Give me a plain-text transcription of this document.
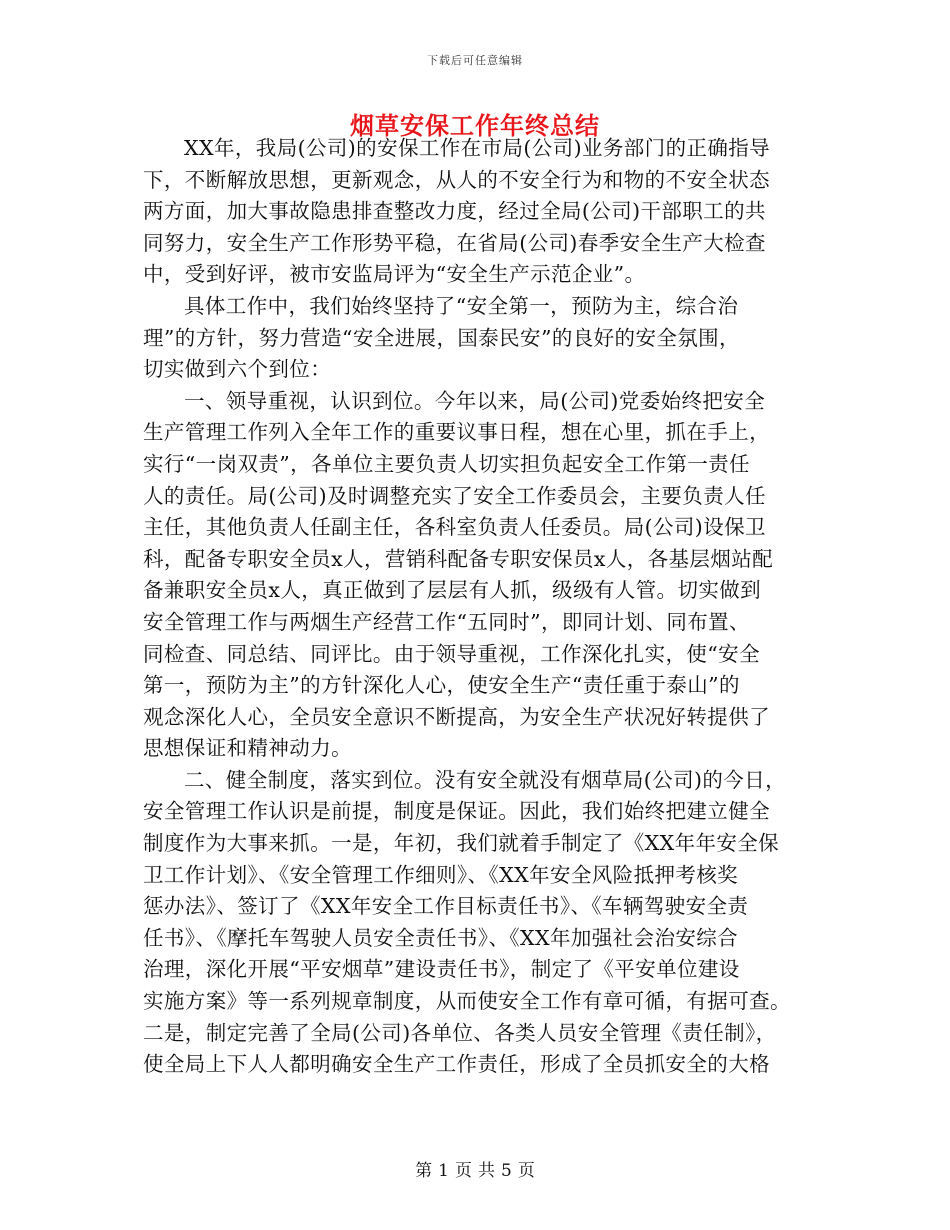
下载后可任意编辑
烟草安保工作年终总结
XX年，我局(公司)的安保工作在市局(公司)业务部门的正确指导
下，不断解放思想，更新观念，从人的不安全行为和物的不安全状态
两方面，加大事故隐患排查整改力度，经过全局(公司)干部职工的共
同努力，安全生产工作形势平稳，在省局(公司)春季安全生产大检查
中，受到好评，被市安监局评为“安全生产示范企业”。
具体工作中，我们始终坚持了“安全第一，预防为主，综合治
理”的方针，努力营造“安全进展，国泰民安”的良好的安全氛围，
切实做到六个到位：
一、领导重视，认识到位。今年以来，局(公司)党委始终把安全
生产管理工作列入全年工作的重要议事日程，想在心里，抓在手上，
实行“一岗双责”，各单位主要负责人切实担负起安全工作第一责任
人的责任。局(公司)及时调整充实了安全工作委员会，主要负责人任
主任，其他负责人任副主任，各科室负责人任委员。局(公司)设保卫
科，配备专职安全员x人，营销科配备专职安保员x人，各基层烟站配
备兼职安全员x人，真正做到了层层有人抓，级级有人管。切实做到
安全管理工作与两烟生产经营工作“五同时”，即同计划、同布置、
同检查、同总结、同评比。由于领导重视，工作深化扎实，使“安全
第一，预防为主”的方针深化人心，使安全生产“责任重于泰山”的
观念深化人心，全员安全意识不断提高，为安全生产状况好转提供了
思想保证和精神动力。
二、健全制度，落实到位。没有安全就没有烟草局(公司)的今日，
安全管理工作认识是前提，制度是保证。因此，我们始终把建立健全
制度作为大事来抓。一是，年初，我们就着手制定了《XX年年安全保
卫工作计划》、《安全管理工作细则》、《XX年安全风险抵押考核奖
惩办法》、签订了《XX年安全工作目标责任书》、《车辆驾驶安全责
任书》、《摩托车驾驶人员安全责任书》、《XX年加强社会治安综合
治理，深化开展“平安烟草”建设责任书》，制定了《平安单位建设
实施方案》等一系列规章制度，从而使安全工作有章可循，有据可查。
二是，制定完善了全局(公司)各单位、各类人员安全管理《责任制》，
使全局上下人人都明确安全生产工作责任，形成了全员抓安全的大格
第 1 页 共 5 页
